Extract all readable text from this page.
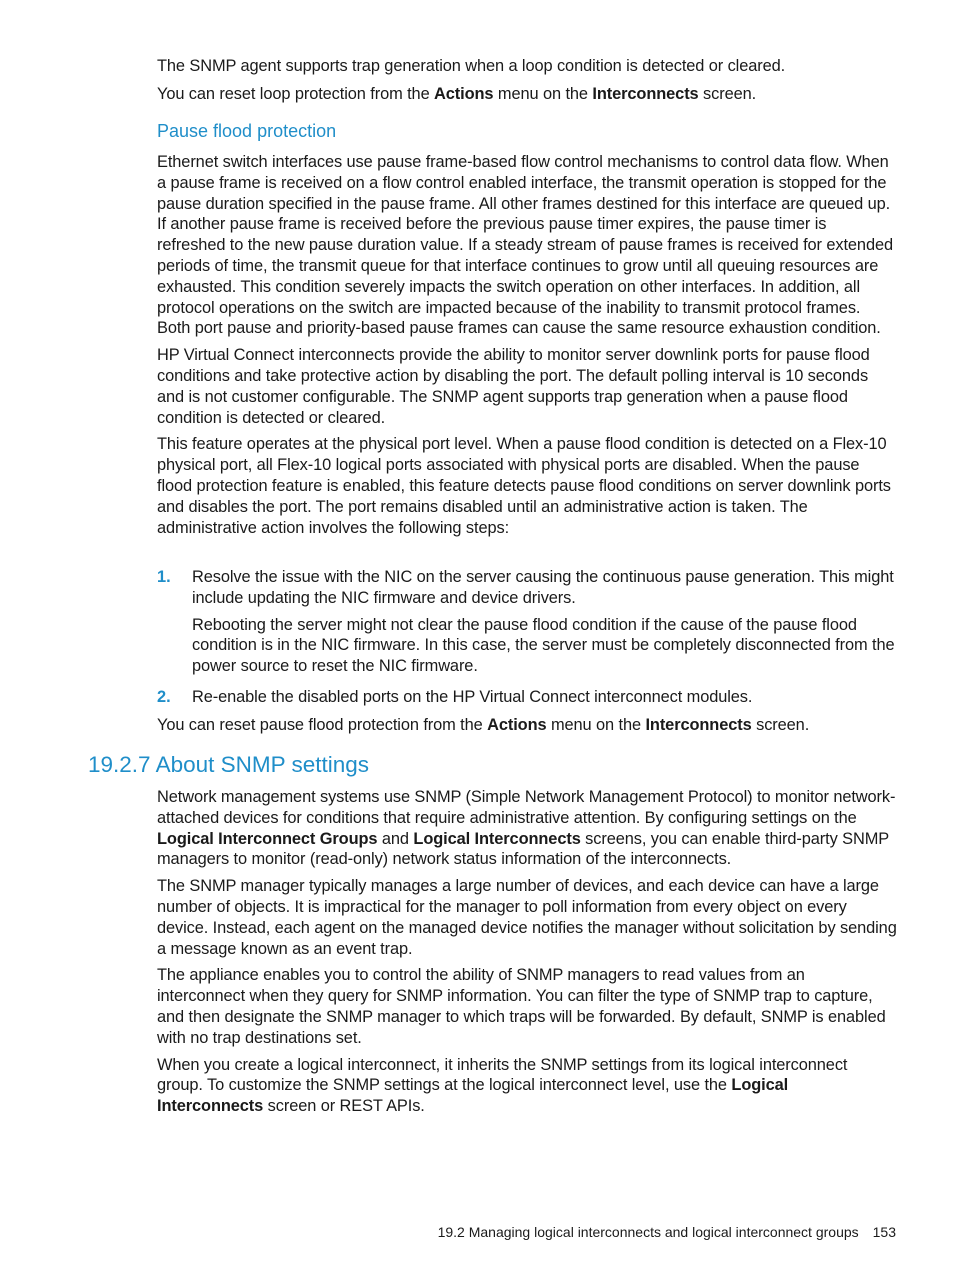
The SNMP agent supports trap generation when a loop condition is detected or cleared.

You can reset loop protection from the Actions menu on the Interconnects screen.

Pause flood protection

Ethernet switch interfaces use pause frame-based flow control mechanisms to control data flow. When a pause frame is received on a flow control enabled interface, the transmit operation is stopped for the pause duration specified in the pause frame. All other frames destined for this interface are queued up. If another pause frame is received before the previous pause timer expires, the pause timer is refreshed to the new pause duration value. If a steady stream of pause frames is received for extended periods of time, the transmit queue for that interface continues to grow until all queuing resources are exhausted. This condition severely impacts the switch operation on other interfaces. In addition, all protocol operations on the switch are impacted because of the inability to transmit protocol frames. Both port pause and priority-based pause frames can cause the same resource exhaustion condition.

HP Virtual Connect interconnects provide the ability to monitor server downlink ports for pause flood conditions and take protective action by disabling the port. The default polling interval is 10 seconds and is not customer configurable. The SNMP agent supports trap generation when a pause flood condition is detected or cleared.

This feature operates at the physical port level. When a pause flood condition is detected on a Flex-10 physical port, all Flex-10 logical ports associated with physical ports are disabled. When the pause flood protection feature is enabled, this feature detects pause flood conditions on server downlink ports and disables the port. The port remains disabled until an administrative action is taken. The administrative action involves the following steps:

1. Resolve the issue with the NIC on the server causing the continuous pause generation. This might include updating the NIC firmware and device drivers.

Rebooting the server might not clear the pause flood condition if the cause of the pause flood condition is in the NIC firmware. In this case, the server must be completely disconnected from the power source to reset the NIC firmware.

2. Re-enable the disabled ports on the HP Virtual Connect interconnect modules.

You can reset pause flood protection from the Actions menu on the Interconnects screen.

19.2.7 About SNMP settings

Network management systems use SNMP (Simple Network Management Protocol) to monitor network-attached devices for conditions that require administrative attention. By configuring settings on the Logical Interconnect Groups and Logical Interconnects screens, you can enable third-party SNMP managers to monitor (read-only) network status information of the interconnects.

The SNMP manager typically manages a large number of devices, and each device can have a large number of objects. It is impractical for the manager to poll information from every object on every device. Instead, each agent on the managed device notifies the manager without solicitation by sending a message known as an event trap.

The appliance enables you to control the ability of SNMP managers to read values from an interconnect when they query for SNMP information. You can filter the type of SNMP trap to capture, and then designate the SNMP manager to which traps will be forwarded. By default, SNMP is enabled with no trap destinations set.

When you create a logical interconnect, it inherits the SNMP settings from its logical interconnect group. To customize the SNMP settings at the logical interconnect level, use the Logical Interconnects screen or REST APIs.

19.2 Managing logical interconnects and logical interconnect groups 153
